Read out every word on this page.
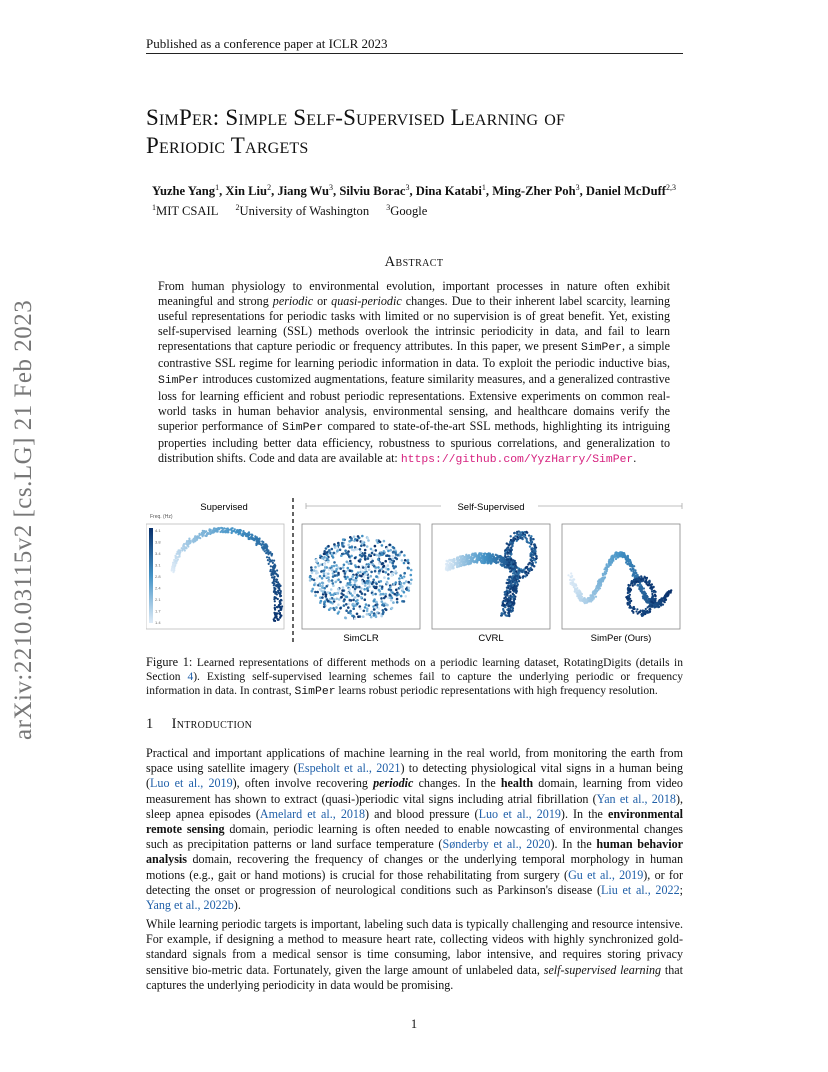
Published as a conference paper at ICLR 2023
arXiv:2210.03115v2 [cs.LG] 21 Feb 2023
SimPer: Simple Self-Supervised Learning of
Periodic Targets
Yuzhe Yang$^1$, Xin Liu$^2$, Jiang Wu$^3$, Silviu Borac$^3$, Dina Katabi$^1$, Ming-Zher Poh$^3$, Daniel McDuff$^{2,3}$
$^1$MIT CSAIL $^2$University of Washington $^3$Google
Abstract
From human physiology to environmental evolution, important processes in nature often exhibit meaningful and strong periodic or quasi-periodic changes. Due to their inherent label scarcity, learning useful representations for periodic tasks with limited or no supervision is of great benefit. Yet, existing self-supervised learning (SSL) methods overlook the intrinsic periodicity in data, and fail to learn representations that capture periodic or frequency attributes. In this paper, we present SimPer, a simple contrastive SSL regime for learning periodic information in data. To exploit the periodic inductive bias, SimPer introduces customized augmentations, feature similarity measures, and a generalized contrastive loss for learning efficient and robust periodic representations. Extensive experiments on common real-world tasks in human behavior analysis, environmental sensing, and healthcare domains verify the superior performance of SimPer compared to state-of-the-art SSL methods, highlighting its intriguing properties including better data efficiency, robustness to spurious correlations, and generalization to distribution shifts. Code and data are available at: https://github.com/YyzHarry/SimPer.
Supervised	Self-Supervised
Freq. (Hz)
4.1
3.8
3.4
3.1
2.8
2.4
2.1
1.7
1.4
SimCLR	CVRL	SimPer (Ours)
Figure 1: Learned representations of different methods on a periodic learning dataset, RotatingDigits (details in Section 4). Existing self-supervised learning schemes fail to capture the underlying periodic or frequency information in data. In contrast, SimPer learns robust periodic representations with high frequency resolution.
1 Introduction
Practical and important applications of machine learning in the real world, from monitoring the earth from space using satellite imagery (Espeholt et al., 2021) to detecting physiological vital signs in a human being (Luo et al., 2019), often involve recovering periodic changes. In the health domain, learning from video measurement has shown to extract (quasi-)periodic vital signs including atrial fibrillation (Yan et al., 2018), sleep apnea episodes (Amelard et al., 2018) and blood pressure (Luo et al., 2019). In the environmental remote sensing domain, periodic learning is often needed to enable nowcasting of environmental changes such as precipitation patterns or land surface temperature (Sønderby et al., 2020). In the human behavior analysis domain, recovering the frequency of changes or the underlying temporal morphology in human motions (e.g., gait or hand motions) is crucial for those rehabilitating from surgery (Gu et al., 2019), or for detecting the onset or progression of neurological conditions such as Parkinson's disease (Liu et al., 2022; Yang et al., 2022b).
While learning periodic targets is important, labeling such data is typically challenging and resource intensive. For example, if designing a method to measure heart rate, collecting videos with highly synchronized gold-standard signals from a medical sensor is time consuming, labor intensive, and requires storing privacy sensitive bio-metric data. Fortunately, given the large amount of unlabeled data, self-supervised learning that captures the underlying periodicity in data would be promising.
1
